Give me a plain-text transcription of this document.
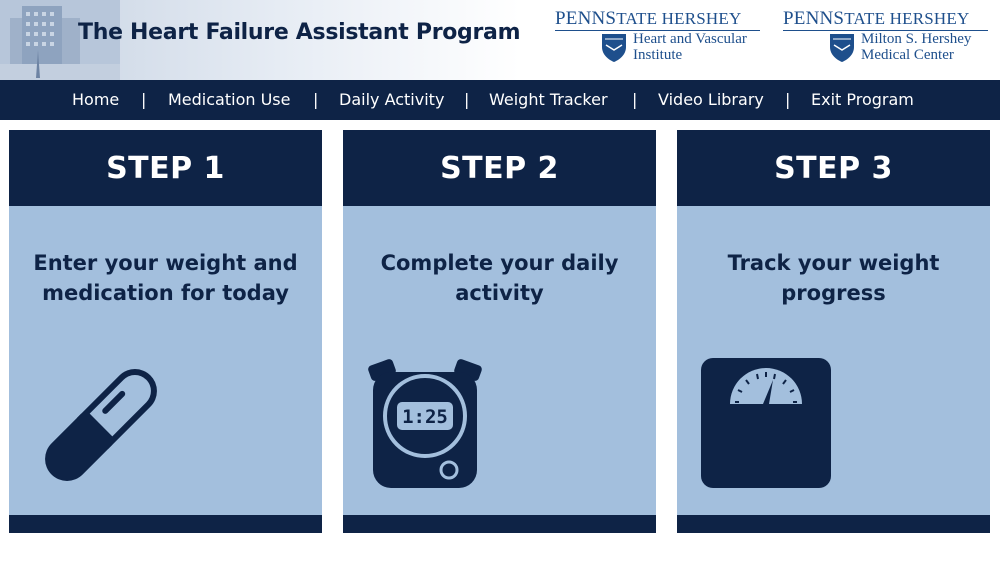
The Heart Failure Assistant Program
PENNSTATE HERSHEY
Heart and Vascular
Institute
PENNSTATE HERSHEY
Milton S. Hershey
Medical Center
Home | Medication Use | Daily Activity | Weight Tracker | Video Library | Exit Program
STEP 1
Enter your weight and
medication for today
STEP 2
Complete your daily
activity
1:25
STEP 3
Track your weight
progress
